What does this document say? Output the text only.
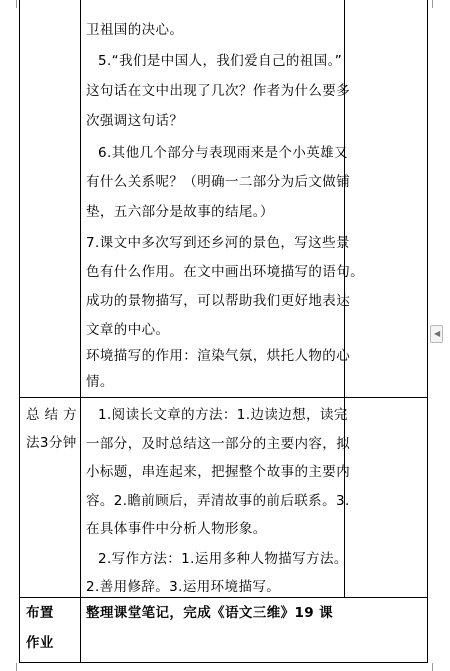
卫祖国的决心。
5.“我们是中国人，我们爱自己的祖国。”
这句话在文中出现了几次？作者为什么要多
次强调这句话？
6.其他几个部分与表现雨来是个小英雄又
有什么关系呢？（明确一二部分为后文做铺
垫，五六部分是故事的结尾。）
7.课文中多次写到还乡河的景色，写这些景
色有什么作用。在文中画出环境描写的语句。
成功的景物描写，可以帮助我们更好地表达
文章的中心。
环境描写的作用：渲染气氛，烘托人物的心
情。
总 结 方
法3分钟
1.阅读长文章的方法：1.边读边想，读完
一部分，及时总结这一部分的主要内容，拟
小标题，串连起来，把握整个故事的主要内
容。2.瞻前顾后，弄清故事的前后联系。3.
在具体事件中分析人物形象。
2.写作方法：1.运用多种人物描写方法。
2.善用修辞。3.运用环境描写。
布置
作业
整理课堂笔记，完成《语文三维》19 课
◀
